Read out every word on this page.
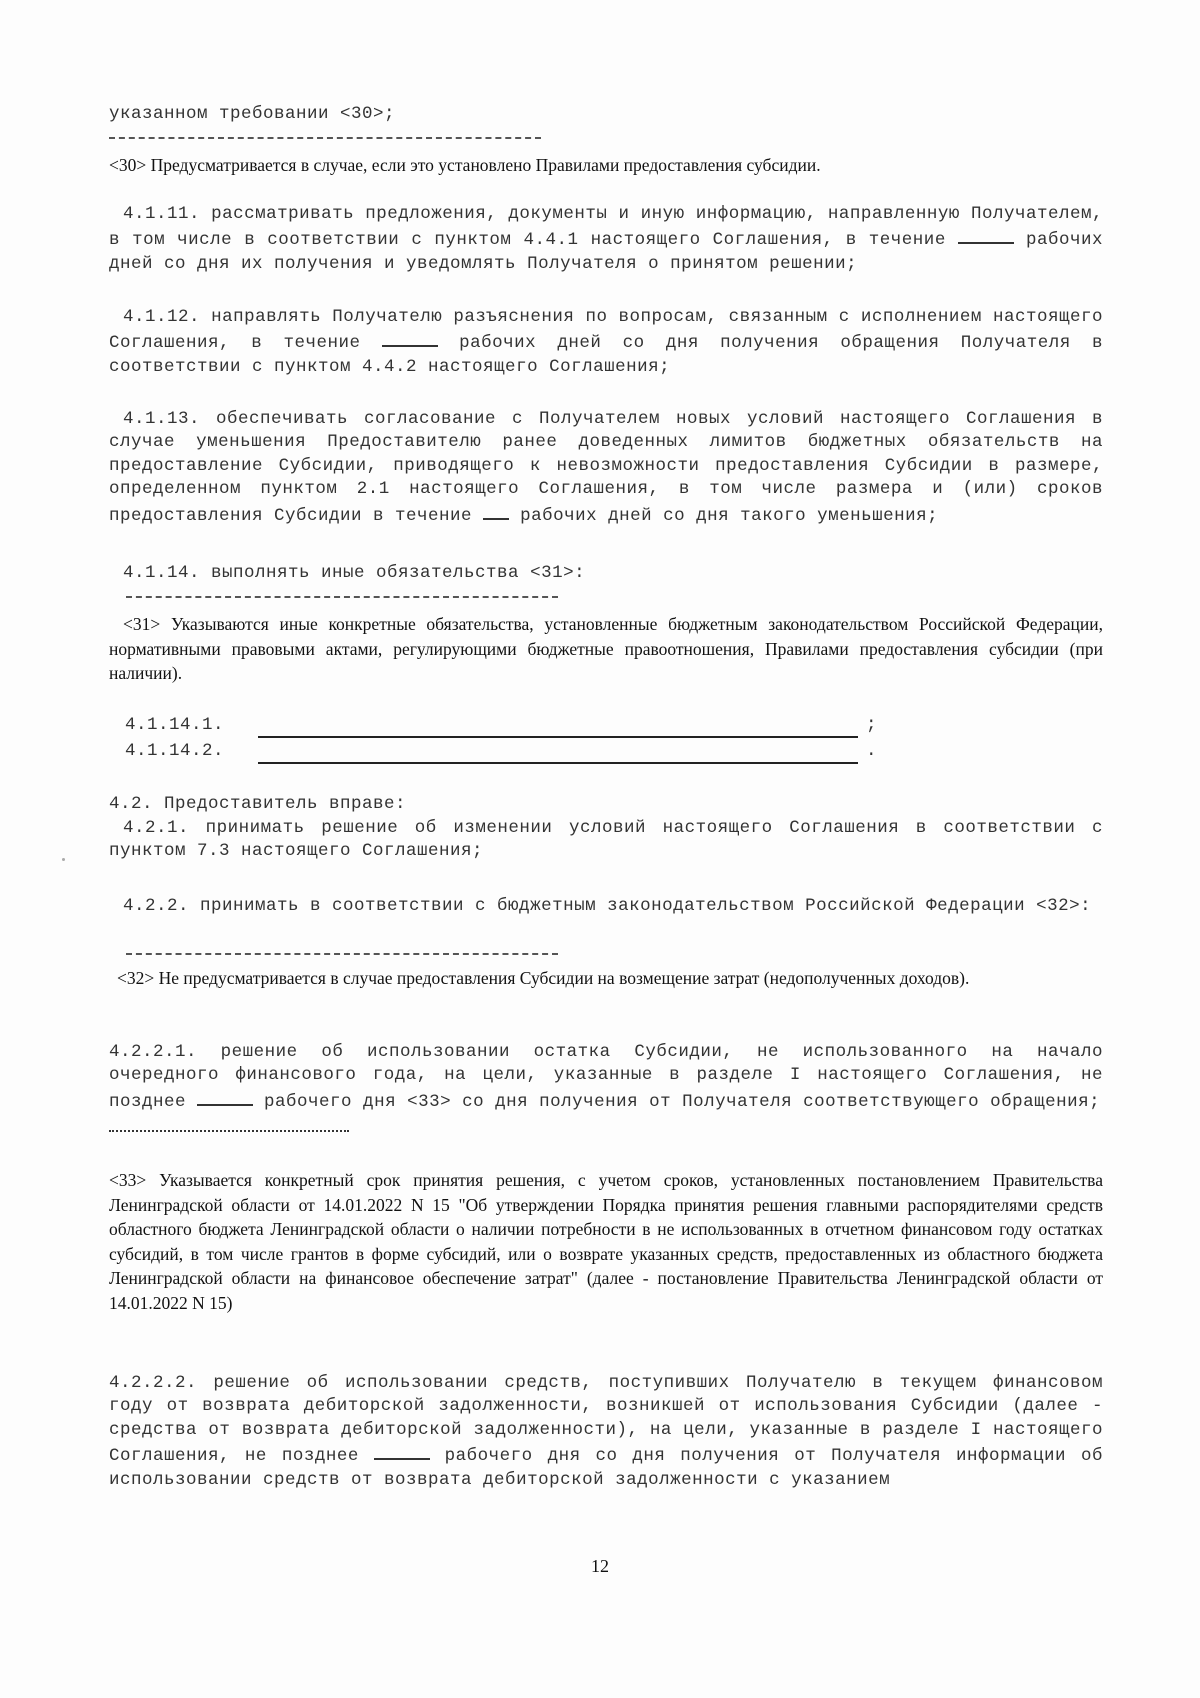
указанном требовании <30>;
<30> Предусматривается в случае, если это установлено Правилами предоставления субсидии.
4.1.11. рассматривать предложения, документы и иную информацию, направленную Получателем, в том числе в соответствии с пунктом 4.4.1 настоящего Соглашения, в течение	рабочих дней со дня их получения и уведомлять Получателя о принятом решении;
4.1.12. направлять Получателю разъяснения по вопросам, связанным с исполнением настоящего Соглашения, в течение	рабочих дней со дня получения обращения Получателя в соответствии с пунктом 4.4.2 настоящего Соглашения;
4.1.13. обеспечивать согласование с Получателем новых условий настоящего Соглашения в случае уменьшения Предоставителю ранее доведенных лимитов бюджетных обязательств на предоставление Субсидии, приводящего к невозможности предоставления Субсидии в размере, определенном пунктом 2.1 настоящего Соглашения, в том числе размера и (или) сроков предоставления Субсидии в течение	рабочих дней со дня такого уменьшения;
4.1.14. выполнять иные обязательства <31>:
<31> Указываются иные конкретные обязательства, установленные бюджетным законодательством Российской Федерации, нормативными правовыми актами, регулирующими бюджетные правоотношения, Правилами предоставления субсидии (при наличии).
4.1.14.1.	;
4.1.14.2.	.
4.2. Предоставитель вправе:
4.2.1. принимать решение об изменении условий настоящего Соглашения в соответствии с пунктом 7.3 настоящего Соглашения;
4.2.2. принимать в соответствии с бюджетным законодательством Российской Федерации <32>:
<32> Не предусматривается в случае предоставления Субсидии на возмещение затрат (недополученных доходов).
4.2.2.1. решение об использовании остатка Субсидии, не использованного на начало очередного финансового года, на цели, указанные в разделе I настоящего Соглашения, не позднее	рабочего дня <33> со дня получения от Получателя соответствующего обращения;
<33> Указывается конкретный срок принятия решения, с учетом сроков, установленных постановлением Правительства Ленинградской области от 14.01.2022 N 15 "Об утверждении Порядка принятия решения главными распорядителями средств областного бюджета Ленинградской области о наличии потребности в не использованных в отчетном финансовом году остатках субсидий, в том числе грантов в форме субсидий, или о возврате указанных средств, предоставленных из областного бюджета Ленинградской области на финансовое обеспечение затрат" (далее - постановление Правительства Ленинградской области от 14.01.2022 N 15)
4.2.2.2. решение об использовании средств, поступивших Получателю в текущем финансовом году от возврата дебиторской задолженности, возникшей от использования Субсидии (далее - средства от возврата дебиторской задолженности), на цели, указанные в разделе I настоящего Соглашения, не позднее	рабочего дня со дня получения от Получателя информации об использовании средств от возврата дебиторской задолженности с указанием
12
